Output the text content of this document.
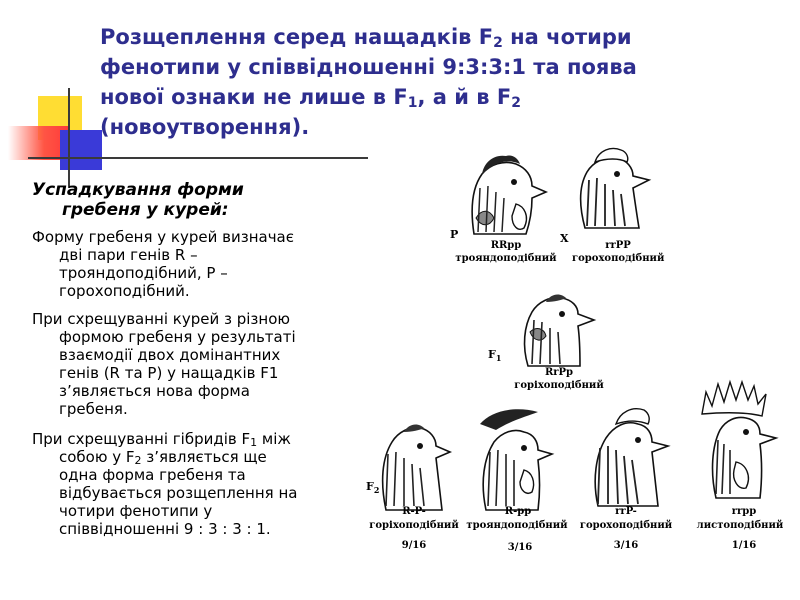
Розщеплення серед нащадків $F_2$ на чотири
фенотипи у співвідношенні 9:3:3:1 та поява
нової ознаки не лише в $F_1$, а й в $F_2$
(новоутворення).
Успадкування форми
гребеня у курей:
Форму гребеня у курей визначає
дві пари генів R –
трояндоподібний, P –
горохоподібний.
При схрещуванні курей з різною
формою гребеня у результаті
взаємодії двох домінантних
генів (R та P) у нащадків F1
з’являється нова форма
гребеня.
При схрещуванні гібридів $F_1$ між
собою у $F_2$ з’являється ще
одна форма гребеня та
відбувається розщеплення на
чотири фенотипи у
співвідношенні 9 : 3 : 3 : 1.
P
RRpp
трояндоподібний
X
rrPP
горохоподібний
$F_1$
RrPp
горіхоподібний
$F_2$
R-P-
горіхоподібний
9/16
R-pp
трояндоподібний
3/16
rrP-
горохоподібний
3/16
rrpp
листоподібний
1/16
